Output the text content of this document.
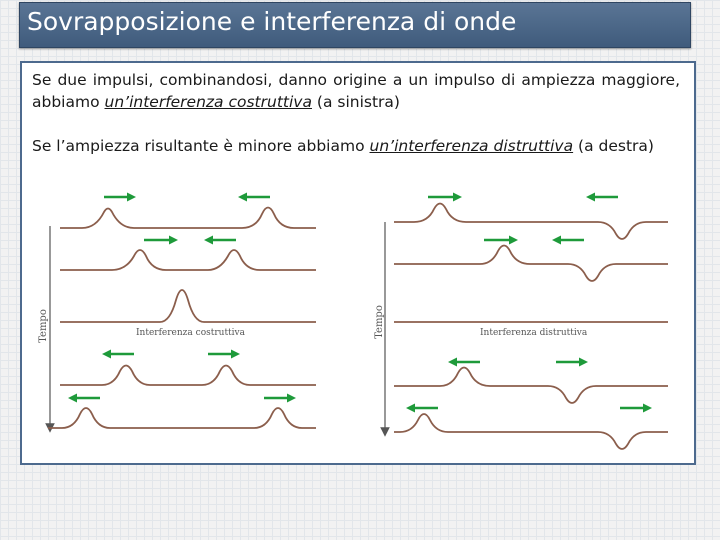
Sovrapposizione e interferenza di onde

Se due impulsi, combinandosi, danno origine a un impulso di ampiezza maggiore, abbiamo un’interferenza costruttiva (a sinistra)

Se l’ampiezza risultante è minore abbiamo un’interferenza distruttiva (a destra)

Tempo	Interferenza costruttiva	Tempo	Interferenza distruttiva
